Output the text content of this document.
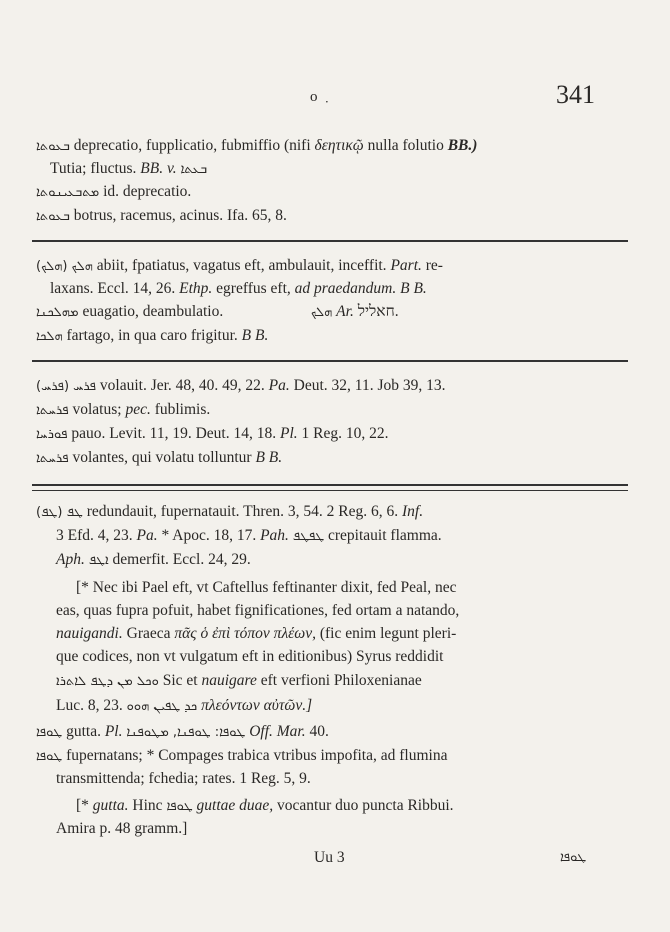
ο ܂	341
ܒܥܘܬܐ deprecatio, fupplicatio, fubmiffio (nifi δεητικῷ nulla folutio BB.)
Tutia; fluctus. BB. v. ܒܥܬܐ
ܡܬܒܥܝܢܘܬܐ id. deprecatio.
ܒܥܘܬܐ botrus, racemus, acinus. Ifa. 65, 8.
(ܗܠܟ) ܗܠܟ abiit, fpatiatus, vagatus eft, ambulauit, inceffit. Part. re-
laxans. Eccl. 14, 26. Ethp. egreffus eft, ad praedandum. B B.
ܡܗܠܟܢܐ euagatio, deambulatio.	ܗܠܟ Ar. חאליל.
ܗܠܟܐ fartago, in qua caro frigitur. B B.
(ܦܪܚ) ܦܪܚ volauit. Jer. 48, 40. 49, 22. Pa. Deut. 32, 11. Job 39, 13.
ܦܪܚܬܐ volatus; pec. fublimis.
ܦܘܪܚܐ pauo. Levit. 11, 19. Deut. 14, 18. Pl. 1 Reg. 10, 22.
ܦܪܚܬܐ volantes, qui volatu tolluntur B B.
(ܛܦ) ܛܦ redundauit, fupernatauit. Thren. 3, 54. 2 Reg. 6, 6. Inf.
3 Efd. 4, 23. Pa. * Apoc. 18, 17. Pah. ܛܦܛܦ crepitauit flamma.
Aph. ܐܛܦ demerfit. Eccl. 24, 29.
[* Nec ibi Pael eft, vt Caftellus feftinanter dixit, fed Peal, nec
eas, quas fupra pofuit, habet fignificationes, fed ortam a natando,
nauigandi. Graeca πᾶς ὁ ἐπὶ τόπον πλέων, (fic enim legunt pleri-
que codices, non vt vulgatum eft in editionibus) Syrus reddidit
ܘܟܠ ܡܢ ܕܛܦ ܠܐܬܪܐ Sic et nauigare eft verfioni Philoxenianae
Luc. 8, 23. ܟܕ ܛܦܝܢ ܗܘܘ πλεόντων αὐτῶν.]
ܛܘܦܐ gutta. Pl. ܛܘܦܐ: ܛܘܦܢܐ, ܡܛܘܦܢܐ Off. Mar. 40.
ܛܘܦܐ fupernatans; * Compages trabica vtribus impofita, ad flumina
transmittenda; fchedia; rates. 1 Reg. 5, 9.
[* gutta. Hinc ܛܘܦܐ guttae duae, vocantur duo puncta Ribbui.
Amira p. 48 gramm.]
Uu 3	ܛܘܦܐ
